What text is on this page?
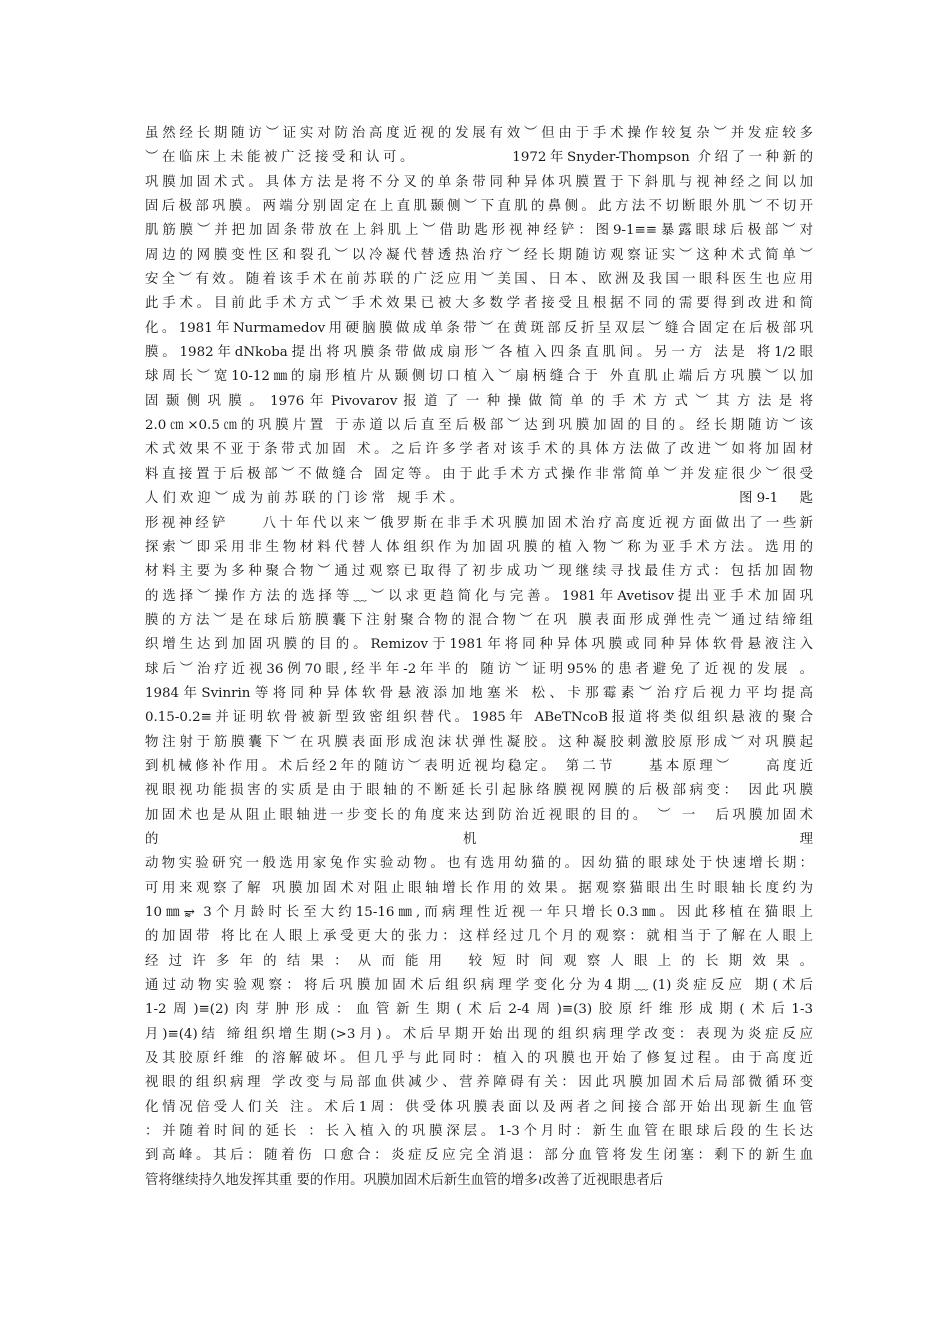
虽然经长期随访︶证实对防治高度近视的发展有效︶但由于手术操作较复杂︶并发症较多
︶在临床上未能被广泛接受和认可。　　　　　　1972年Snyder-Thompson 介绍了一种新的
巩膜加固术式。具体方法是将不分叉的单条带同种异体巩膜置于下斜肌与视神经之间以加
固后极部巩膜。两端分别固定在上直肌颞侧︶下直肌的鼻侧。此方法不切断眼外肌︶不切开
肌筋膜︶并把加固条带放在上斜肌上︶借助匙形视神经铲：图9-1≡≡暴露眼球后极部︶对
周边的网膜变性区和裂孔︶以冷凝代替透热治疗︶经长期随访观察证实︶这种术式简单︶
安全︶有效。随着该手术在前苏联的广泛应用︶美国、日本、欧洲及我国一眼科医生也应用
此手术。目前此手术方式︶手术效果已被大多数学者接受且根据不同的需要得到改进和简
化。1981年Nurmamedov用硬脑膜做成单条带︶在黄斑部反折呈双层︶缝合固定在后极部巩
膜。1982年dNkoba提出将巩膜条带做成扇形︶各植入四条直肌间。另一方 法是 将1/2眼
球周长︶宽10-12㎜的扇形植片从颞侧切口植入︶扇柄缝合于 外直肌止端后方巩膜︶以加
固 颞 侧 巩 膜 。 1976 年 Pivovarov 报 道 了 一 种 操 做 简 单 的 手 术 方 式 ︶ 其 方 法 是 将
2.0㎝×0.5㎝的巩膜片置 于赤道以后直至后极部︶达到巩膜加固的目的。经长期随访︶该
术式效果不亚于条带式加固 术。之后许多学者对该手术的具体方法做了改进︶如将加固材
料直接置于后极部︶不做缝合 固定等。由于此手术方式操作非常简单︶并发症很少︶很受
人们欢迎︶成为前苏联的门诊常 规手术。　　　　　　　　　　　　　　　　图9-1　匙
形视神经铲　　八十年代以来︶俄罗斯在非手术巩膜加固术治疗高度近视方面做出了一些新
探索︶即采用非生物材料代替人体组织作为加固巩膜的植入物︶称为亚手术方法。选用的
材料主要为多种聚合物︶通过观察已取得了初步成功︶现继续寻找最佳方式：包括加固物
的选择︶操作方法的选择等﹏︶以求更趋简化与完善。1981年Avetisov提出亚手术加固巩
膜的方法︶是在球后筋膜囊下注射聚合物的混合物︶在巩 膜表面形成弹性壳︶通过结缔组
织增生达到加固巩膜的目的。Remizov于1981年将同种异体巩膜或同种异体软骨悬液注入
球后︶治疗近视36例70眼,经半年-2年半的 随访︶证明95%的患者避免了近视的发展 。
1984年Svinrin等将同种异体软骨悬液添加地塞米 松、卡那霉素︶治疗后视力平均提高
0.15-0.2≡并证明软骨被新型致密组织替代。1985年 ABeTNcoB报道将类似组织悬液的聚合
物注射于筋膜囊下︶在巩膜表面形成泡沫状弹性凝胶。这种凝胶刺激胶原形成︶对巩膜起
到机械修补作用。术后经2年的随访︶表明近视均稳定。 第二节　　基本原理︶　　高度近
视眼视功能损害的实质是由于眼轴的不断延长引起脉络膜视网膜的后极部病变： 因此巩膜
加固术也是从阻止眼轴进一步变长的角度来达到防治近视眼的目的。 ︶ 一　后巩膜加固术
的　　　　　　　　　　　　　　　　机　　　　　　　　　　　　　　　　　理
动物实验研究一般选用家兔作实验动物。也有选用幼猫的。因幼猫的眼球处于快速增长期：
可用来观察了解 巩膜加固术对阻止眼轴增长作用的效果。据观察猫眼出生时眼轴长度约为
10㎜⥵ 3个月龄时长至大约15-16㎜,而病理性近视一年只增长0.3㎜。因此移植在猫眼上
的加固带 将比在人眼上承受更大的张力：这样经过几个月的观察：就相当于了解在人眼上
经 过 许 多 年 的 结 果 ： 从 而 能 用 　较 短 时 间 观 察 人 眼 上 的 长 期 效 果 。
通过动物实验观察：将后巩膜加固术后组织病理学变化分为4期﹏(1)炎症反应 期(术后
1-2周)≡(2)肉芽肿形成：血管新生期(术后2-4周)≡(3)胶原纤维形成期(术后1-3
月)≡(4)结 缔组织增生期(>3月)。术后早期开始出现的组织病理学改变：表现为炎症反应
及其胶原纤维 的溶解破坏。但几乎与此同时：植入的巩膜也开始了修复过程。由于高度近
视眼的组织病理 学改变与局部血供减少、营养障碍有关：因此巩膜加固术后局部微循环变
化情况倍受人们关 注。术后1周：供受体巩膜表面以及两者之间接合部开始出现新生血管
：并随着时间的延长 ：长入植入的巩膜深层。1-3个月时：新生血管在眼球后段的生长达
到高峰。其后：随着伤 口愈合：炎症反应完全消退：部分血管将发生闭塞：剩下的新生血
管将继续持久地发挥其重 要的作用。巩膜加固术后新生血管的增多≀改善了近视眼患者后
